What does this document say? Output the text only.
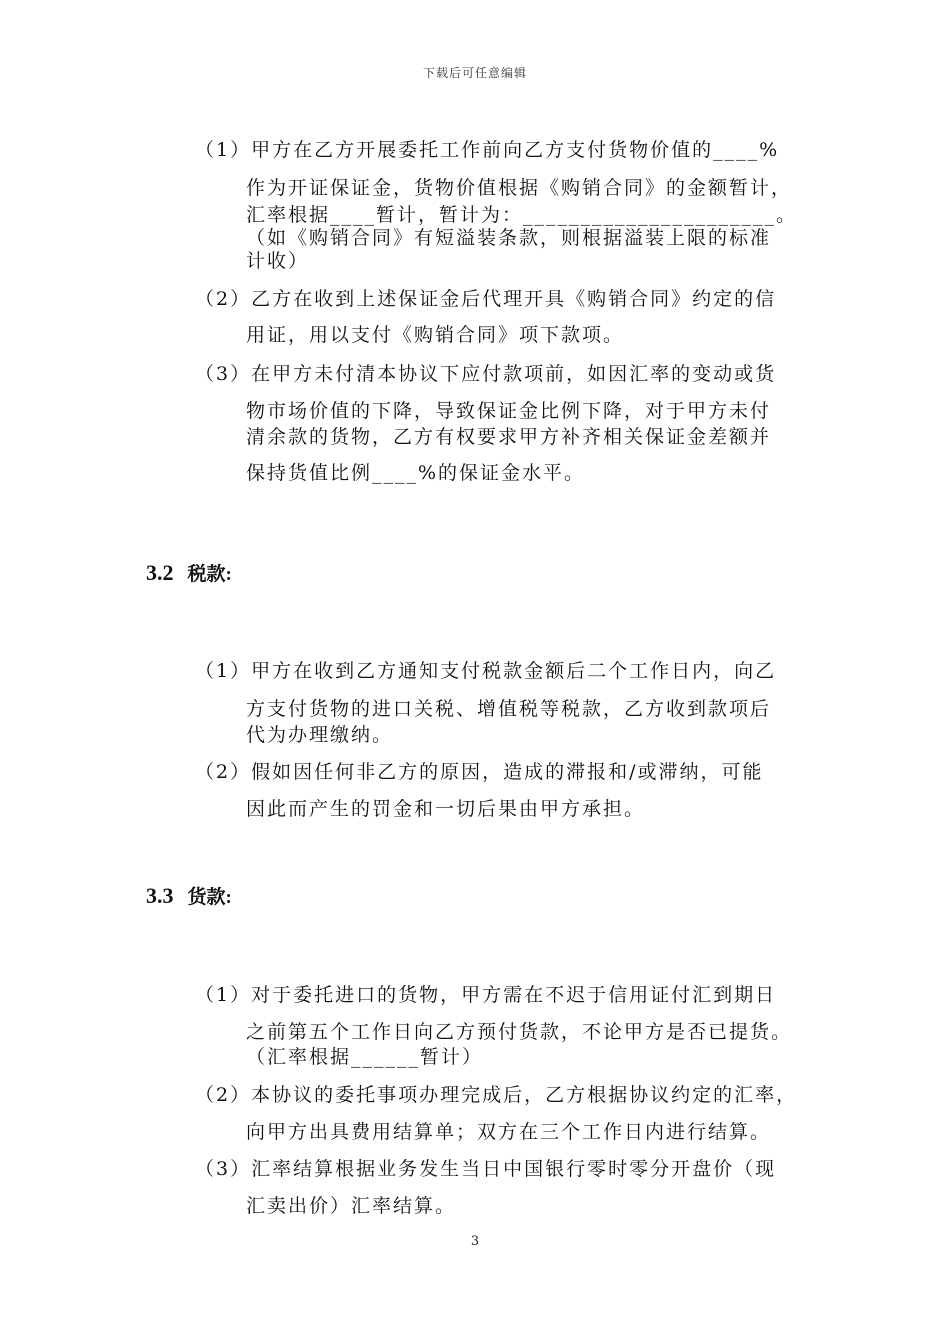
下载后可任意编辑
（1）甲方在乙方开展委托工作前向乙方支付货物价值的____%
作为开证保证金，货物价值根据《购销合同》的金额暂计，
汇率根据____暂计，暂计为：______________________。
（如《购销合同》有短溢装条款，则根据溢装上限的标准
计收）
（2）乙方在收到上述保证金后代理开具《购销合同》约定的信
用证，用以支付《购销合同》项下款项。
（3）在甲方未付清本协议下应付款项前，如因汇率的变动或货
物市场价值的下降，导致保证金比例下降，对于甲方未付
清余款的货物，乙方有权要求甲方补齐相关保证金差额并
保持货值比例____%的保证金水平。
3.2 税款:
（1）甲方在收到乙方通知支付税款金额后二个工作日内，向乙
方支付货物的进口关税、增值税等税款，乙方收到款项后
代为办理缴纳。
（2）假如因任何非乙方的原因，造成的滞报和/或滞纳，可能
因此而产生的罚金和一切后果由甲方承担。
3.3 货款:
（1）对于委托进口的货物，甲方需在不迟于信用证付汇到期日
之前第五个工作日向乙方预付货款，不论甲方是否已提货。
（汇率根据______暂计）
（2）本协议的委托事项办理完成后，乙方根据协议约定的汇率，
向甲方出具费用结算单；双方在三个工作日内进行结算。
（3）汇率结算根据业务发生当日中国银行零时零分开盘价（现
汇卖出价）汇率结算。
3
